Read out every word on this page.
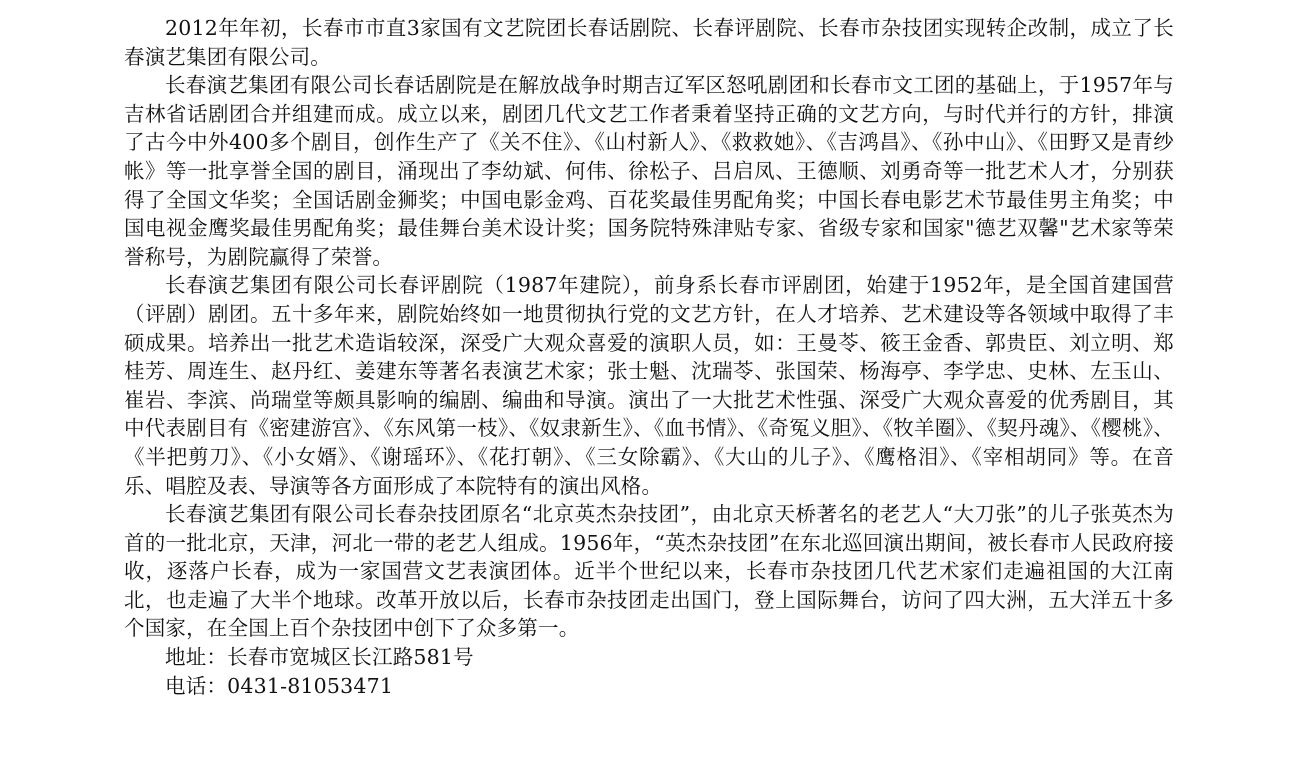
2012年年初，长春市市直3家国有文艺院团长春话剧院、长春评剧院、长春市杂技团实现转企改制，成立了长春演艺集团有限公司。

长春演艺集团有限公司长春话剧院是在解放战争时期吉辽军区怒吼剧团和长春市文工团的基础上，于1957年与吉林省话剧团合并组建而成。成立以来，剧团几代文艺工作者秉着坚持正确的文艺方向，与时代并行的方针，排演了古今中外400多个剧目，创作生产了《关不住》、《山村新人》、《救救她》、《吉鸿昌》、《孙中山》、《田野又是青纱帐》等一批享誉全国的剧目，涌现出了李幼斌、何伟、徐松子、吕启凤、王德顺、刘勇奇等一批艺术人才，分别获得了全国文华奖；全国话剧金狮奖；中国电影金鸡、百花奖最佳男配角奖；中国长春电影艺术节最佳男主角奖；中国电视金鹰奖最佳男配角奖；最佳舞台美术设计奖；国务院特殊津贴专家、省级专家和国家"德艺双馨"艺术家等荣誉称号，为剧院赢得了荣誉。

长春演艺集团有限公司长春评剧院（1987年建院），前身系长春市评剧团，始建于1952年，是全国首建国营（评剧）剧团。五十多年来，剧院始终如一地贯彻执行党的文艺方针，在人才培养、艺术建设等各领域中取得了丰硕成果。培养出一批艺术造诣较深，深受广大观众喜爱的演职人员，如：王曼苓、筱王金香、郭贵臣、刘立明、郑桂芳、周连生、赵丹红、姜建东等著名表演艺术家；张士魁、沈瑞苓、张国荣、杨海亭、李学忠、史林、左玉山、崔岩、李滨、尚瑞堂等颇具影响的编剧、编曲和导演。演出了一大批艺术性强、深受广大观众喜爱的优秀剧目，其中代表剧目有《密建游宫》、《东风第一枝》、《奴隶新生》、《血书情》、《奇冤义胆》、《牧羊圈》、《契丹魂》、《樱桃》、《半把剪刀》、《小女婿》、《谢瑶环》、《花打朝》、《三女除霸》、《大山的儿子》、《鹰格泪》、《宰相胡同》等。在音乐、唱腔及表、导演等各方面形成了本院特有的演出风格。

长春演艺集团有限公司长春杂技团原名“北京英杰杂技团”，由北京天桥著名的老艺人“大刀张”的儿子张英杰为首的一批北京，天津，河北一带的老艺人组成。1956年，“英杰杂技团”在东北巡回演出期间，被长春市人民政府接收，逐落户长春，成为一家国营文艺表演团体。近半个世纪以来，长春市杂技团几代艺术家们走遍祖国的大江南北，也走遍了大半个地球。改革开放以后，长春市杂技团走出国门，登上国际舞台，访问了四大洲，五大洋五十多个国家，在全国上百个杂技团中创下了众多第一。

地址：长春市宽城区长江路581号

电话：0431-81053471
